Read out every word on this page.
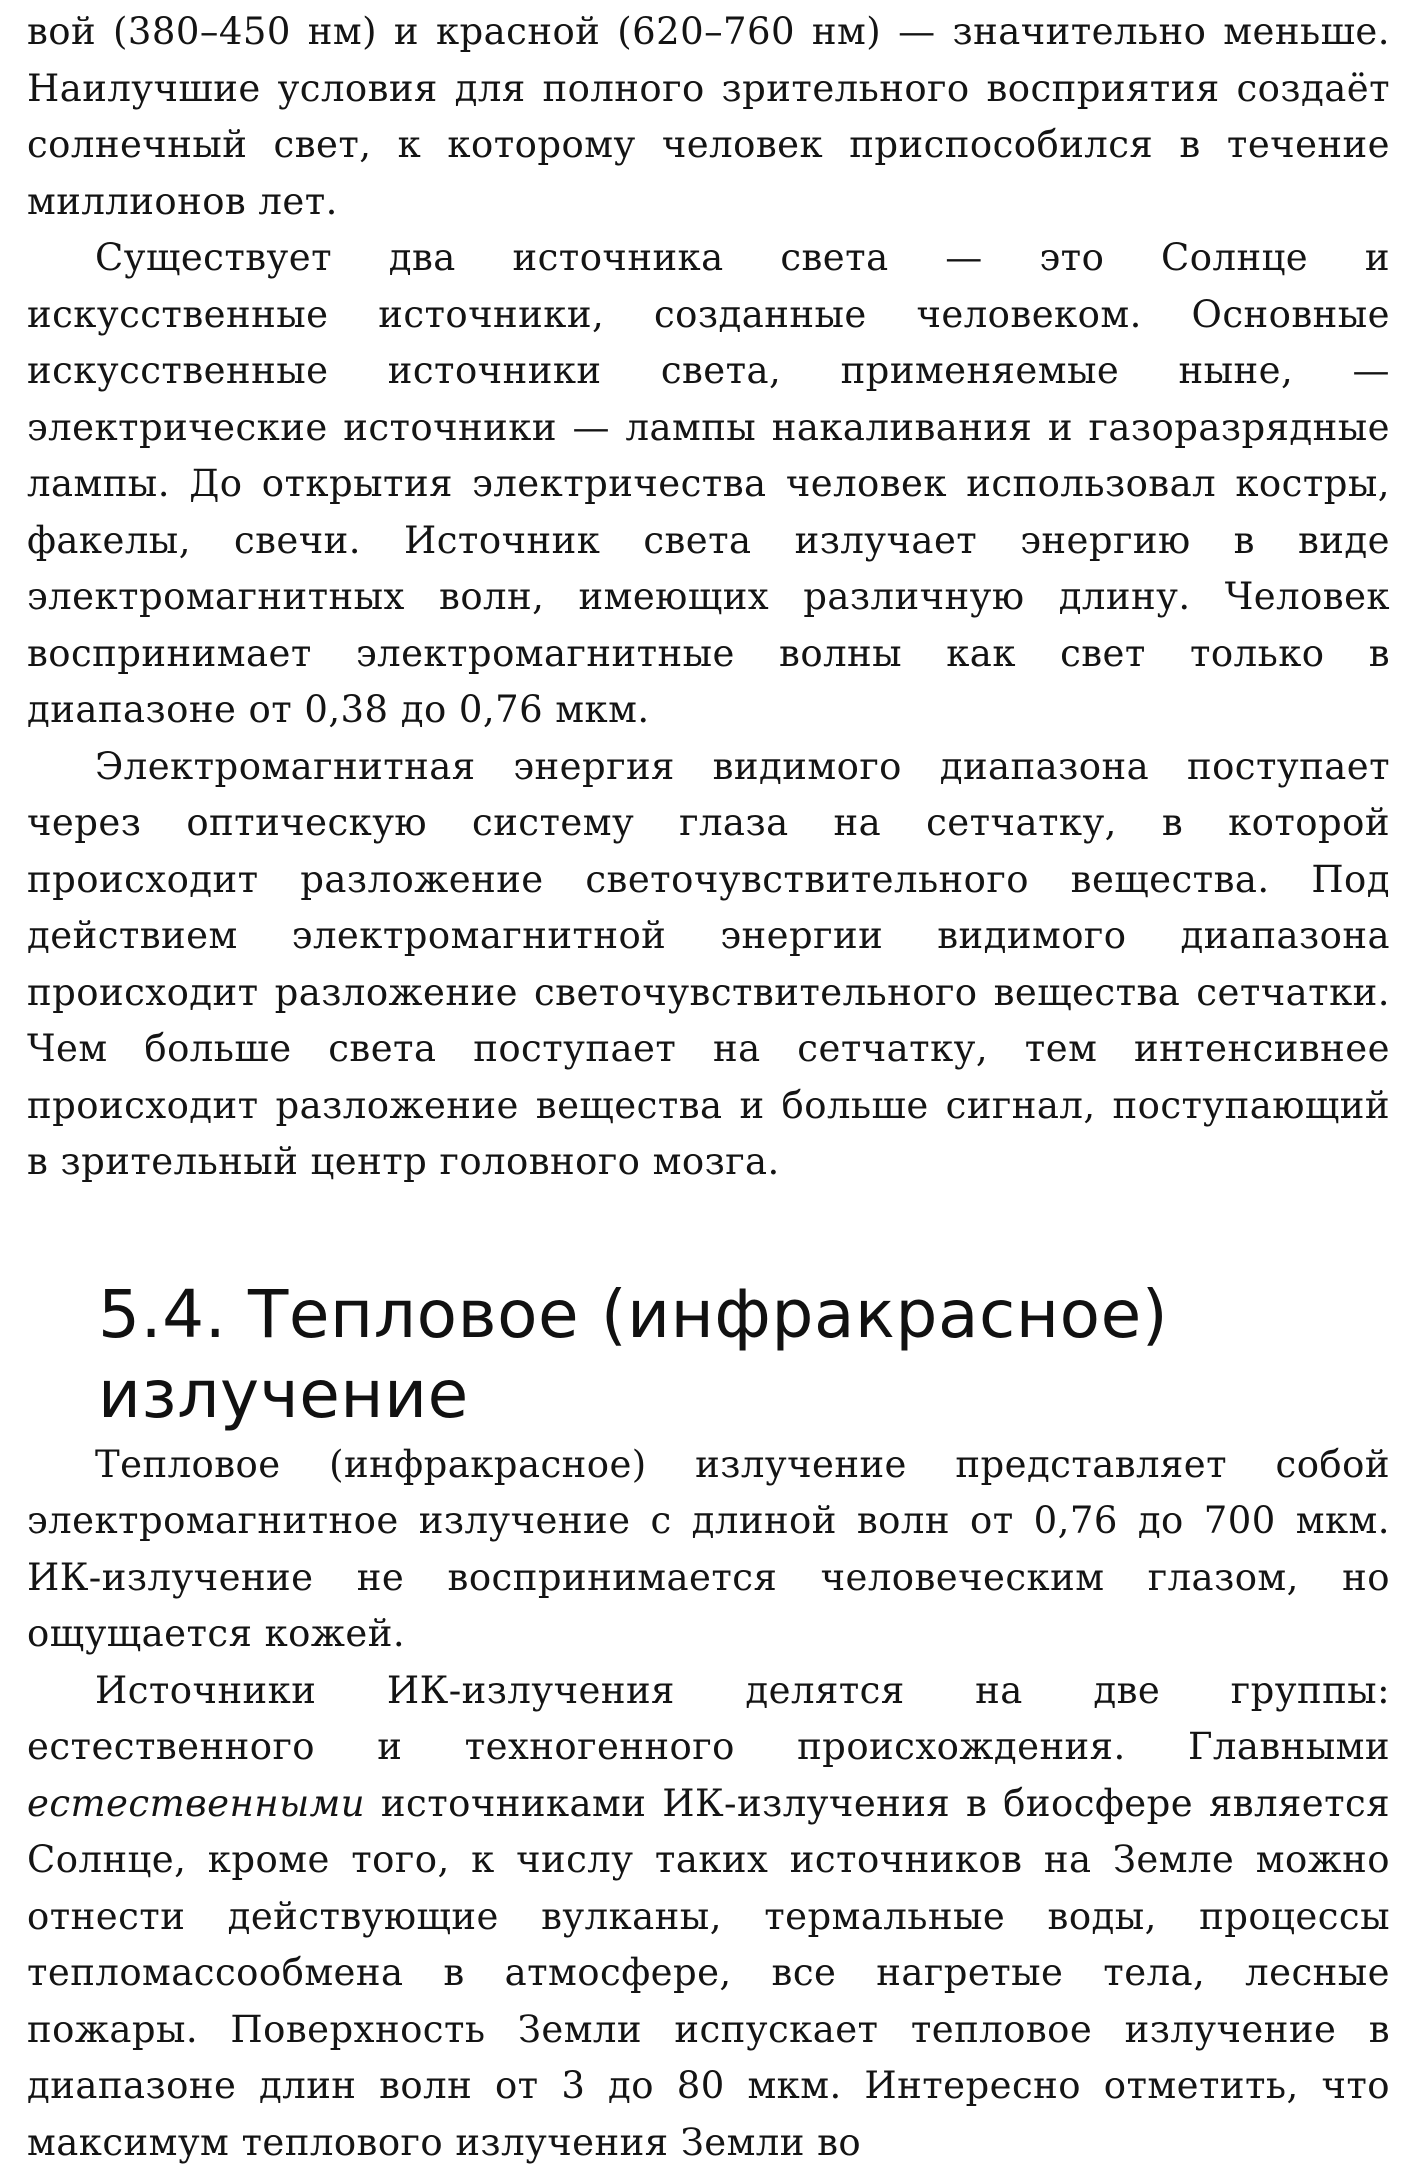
вой (380–450 нм) и красной (620–760 нм) — значительно меньше. Наилучшие условия для полного зрительного восприятия создаёт солнечный свет, к которому человек приспособился в течение миллионов лет.

Существует два источника света — это Солнце и искусственные источники, созданные человеком. Основные искусственные источники света, применяемые ныне, — электрические источники — лампы накаливания и газоразрядные лампы. До открытия электричества человек использовал костры, факелы, свечи. Источник света излучает энергию в виде электромагнитных волн, имеющих различную длину. Человек воспринимает электромагнитные волны как свет только в диапазоне от 0,38 до 0,76 мкм.

Электромагнитная энергия видимого диапазона поступает через оптическую систему глаза на сетчатку, в которой происходит разложение светочувствительного вещества. Под действием электромагнитной энергии видимого диапазона происходит разложение светочувствительного вещества сетчатки. Чем больше света поступает на сетчатку, тем интенсивнее происходит разложение вещества и больше сигнал, поступающий в зрительный центр головного мозга.

5.4. Тепловое (инфракрасное) излучение

Тепловое (инфракрасное) излучение представляет собой электромагнитное излучение с длиной волн от 0,76 до 700 мкм. ИК-излучение не воспринимается человеческим глазом, но ощущается кожей.

Источники ИК-излучения делятся на две группы: естественного и техногенного происхождения. Главными естественными источниками ИК-излучения в биосфере является Солнце, кроме того, к числу таких источников на Земле можно отнести действующие вулканы, термальные воды, процессы тепломассообмена в атмосфере, все нагретые тела, лесные пожары. Поверхность Земли испускает тепловое излучение в диапазоне длин волн от 3 до 80 мкм. Интересно отметить, что максимум теплового излучения Земли во
